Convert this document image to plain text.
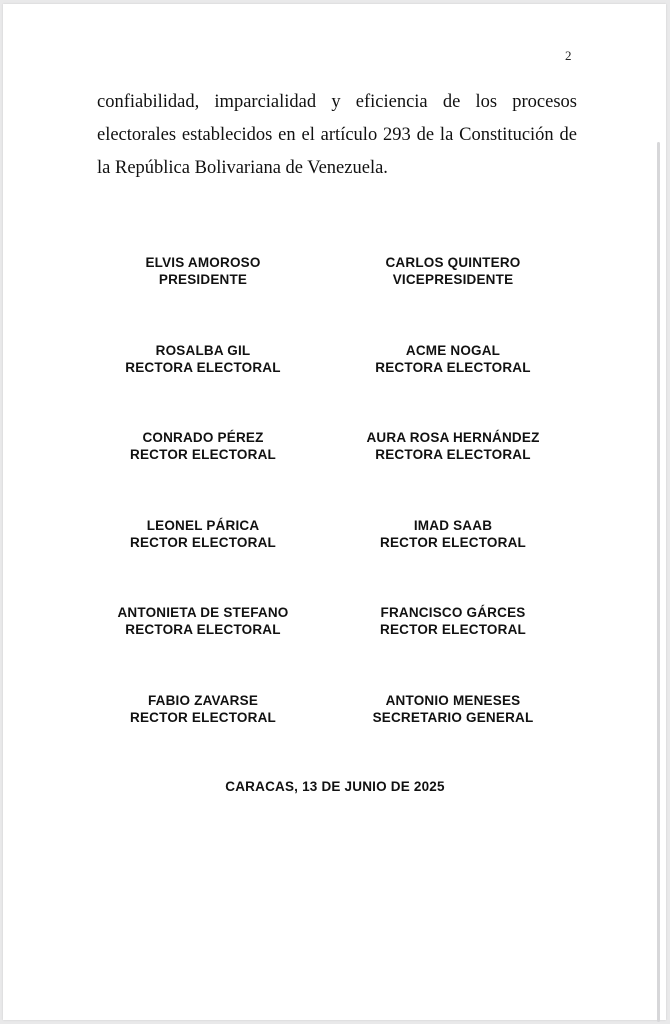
2

confiabilidad, imparcialidad y eficiencia de los procesos electorales establecidos en el artículo 293 de la Constitución de la República Bolivariana de Venezuela.

ELVIS AMOROSO
PRESIDENTE
CARLOS QUINTERO
VICEPRESIDENTE
ROSALBA GIL
RECTORA ELECTORAL
ACME NOGAL
RECTORA ELECTORAL
CONRADO PÉREZ
RECTOR ELECTORAL
AURA ROSA HERNÁNDEZ
RECTORA ELECTORAL
LEONEL PÁRICA
RECTOR ELECTORAL
IMAD SAAB
RECTOR ELECTORAL
ANTONIETA DE STEFANO
RECTORA ELECTORAL
FRANCISCO GÁRCES
RECTOR ELECTORAL
FABIO ZAVARSE
RECTOR ELECTORAL
ANTONIO MENESES
SECRETARIO GENERAL
CARACAS, 13 DE JUNIO DE 2025
